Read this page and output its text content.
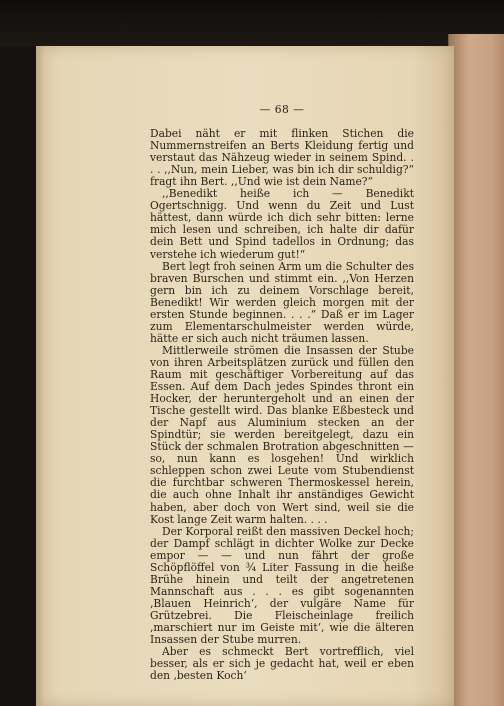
— 68 —

Dabei näht er mit flinken Stichen die Nummernstreifen an Berts Kleidung fertig und verstaut das Nähzeug wieder in seinem Spind. . . . ,,Nun, mein Lieber, was bin ich dir schuldig?“ fragt ihn Bert. ,,Und wie ist dein Name?“

,,Benedikt heiße ich — Benedikt Ogertschnigg. Und wenn du Zeit und Lust hättest, dann würde ich dich sehr bitten: lerne mich lesen und schreiben, ich halte dir dafür dein Bett und Spind tadellos in Ordnung; das verstehe ich wiederum gut!“

Bert legt froh seinen Arm um die Schulter des braven Burschen und stimmt ein. ,,Von Herzen gern bin ich zu deinem Vorschlage bereit, Benedikt! Wir werden gleich morgen mit der ersten Stunde beginnen. . . .“ Daß er im Lager zum Elementarschulmeister werden würde, hätte er sich auch nicht träumen lassen.

Mittlerweile strömen die Insassen der Stube von ihren Arbeitsplätzen zurück und füllen den Raum mit geschäftiger Vorbereitung auf das Essen. Auf dem Dach jedes Spindes thront ein Hocker, der heruntergeholt und an einen der Tische gestellt wird. Das blanke Eßbesteck und der Napf aus Aluminium stecken an der Spindtür; sie werden bereitgelegt, dazu ein Stück der schmalen Brotration abgeschnitten — so, nun kann es losgehen! Und wirklich schleppen schon zwei Leute vom Stubendienst die furchtbar schweren Thermoskessel herein, die auch ohne Inhalt ihr anständiges Gewicht haben, aber doch von Wert sind, weil sie die Kost lange Zeit warm halten. . . .

Der Korporal reißt den massiven Deckel hoch; der Dampf schlägt in dichter Wolke zur Decke empor — — und nun fährt der große Schöpflöffel von ¾ Liter Fassung in die heiße Brühe hinein und teilt der angetretenen Mannschaft aus . . . es gibt sogenannten ‚Blauen Heinrich‘, der vulgäre Name für Grützebrei. Die Fleischeinlage freilich ‚marschiert nur im Geiste mit‘, wie die älteren Insassen der Stube murren.

Aber es schmeckt Bert vortrefflich, viel besser, als er sich je gedacht hat, weil er eben den ‚besten Koch‘
